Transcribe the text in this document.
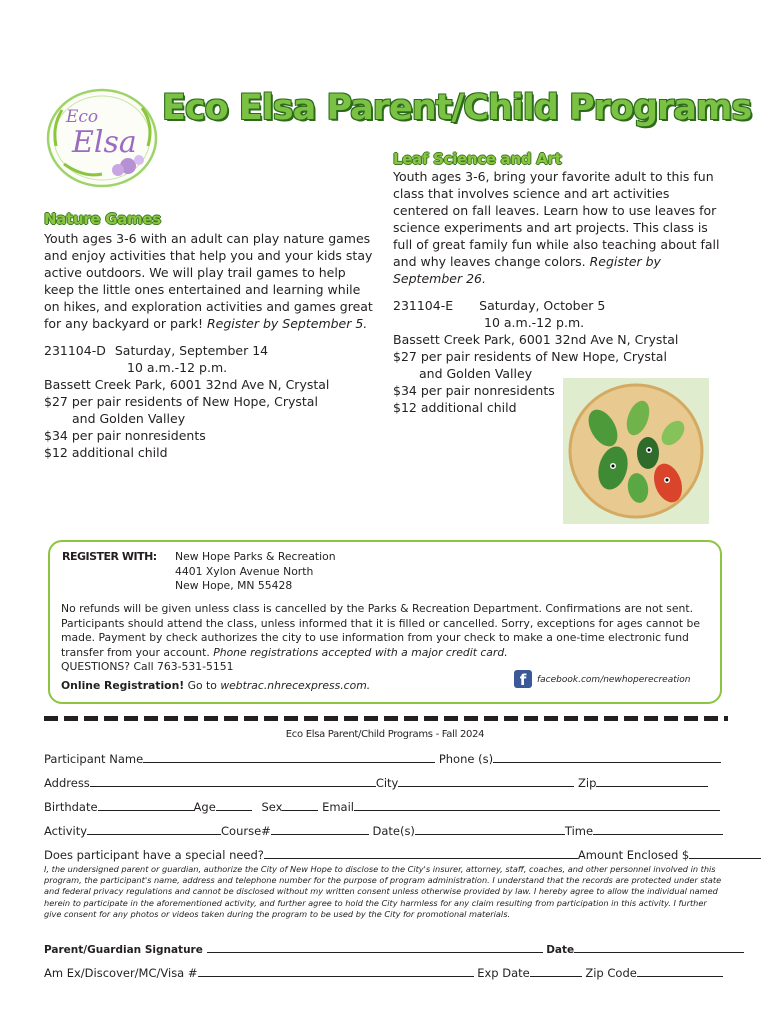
Eco
Elsa
Eco Elsa Parent/Child Programs
Leaf Science and Art

Youth ages 3-6, bring your favorite adult to this fun class that involves science and art activities centered on fall leaves. Learn how to use leaves for science experiments and art projects. This class is full of great family fun while also teaching about fall and why leaves change colors. Register by September 26.

231104-E Saturday, October 5

10 a.m.-12 p.m.

Bassett Creek Park, 6001 32nd Ave N, Crystal

$27 per pair residents of New Hope, Crystal

and Golden Valley

$34 per pair nonresidents

$12 additional child

Nature Games

Youth ages 3-6 with an adult can play nature games and enjoy activities that help you and your kids stay active outdoors. We will play trail games to help keep the little ones entertained and learning while on hikes, and exploration activities and games great for any backyard or park! Register by September 5.

231104-D Saturday, September 14

10 a.m.-12 p.m.

Bassett Creek Park, 6001 32nd Ave N, Crystal

$27 per pair residents of New Hope, Crystal

and Golden Valley

$34 per pair nonresidents

$12 additional child

REGISTER WITH: New Hope Parks & Recreation
4401 Xylon Avenue North
New Hope, MN 55428
No refunds will be given unless class is cancelled by the Parks & Recreation Department. Confirmations are not sent. Participants should attend the class, unless informed that it is filled or cancelled. Sorry, exceptions for ages cannot be made. Payment by check authorizes the city to use information from your check to make a one-time electronic fund transfer from your account. Phone registrations accepted with a major credit card.
QUESTIONS? Call 763-531-5151
Online Registration! Go to webtrac.nhrecexpress.com.	f	facebook.com/newhoperecreation
Eco Elsa Parent/Child Programs - Fall 2024
Participant Name	Phone (s)
Address	City	Zip
Birthdate	Age	Sex	Email
Activity	Course#	Date(s)	Time
Does participant have a special need?	Amount Enclosed $
I, the undersigned parent or guardian, authorize the City of New Hope to disclose to the City's insurer, attorney, staff, coaches, and other personnel involved in this program, the participant's name, address and telephone number for the purpose of program administration. I understand that the records are protected under state and federal privacy regulations and cannot be disclosed without my written consent unless otherwise provided by law. I hereby agree to allow the individual named herein to participate in the aforementioned activity, and further agree to hold the City harmless for any claim resulting from participation in this activity. I further give consent for any photos or videos taken during the program to be used by the City for promotional materials.
Parent/Guardian Signature	Date
Am Ex/Discover/MC/Visa #	Exp Date	Zip Code
